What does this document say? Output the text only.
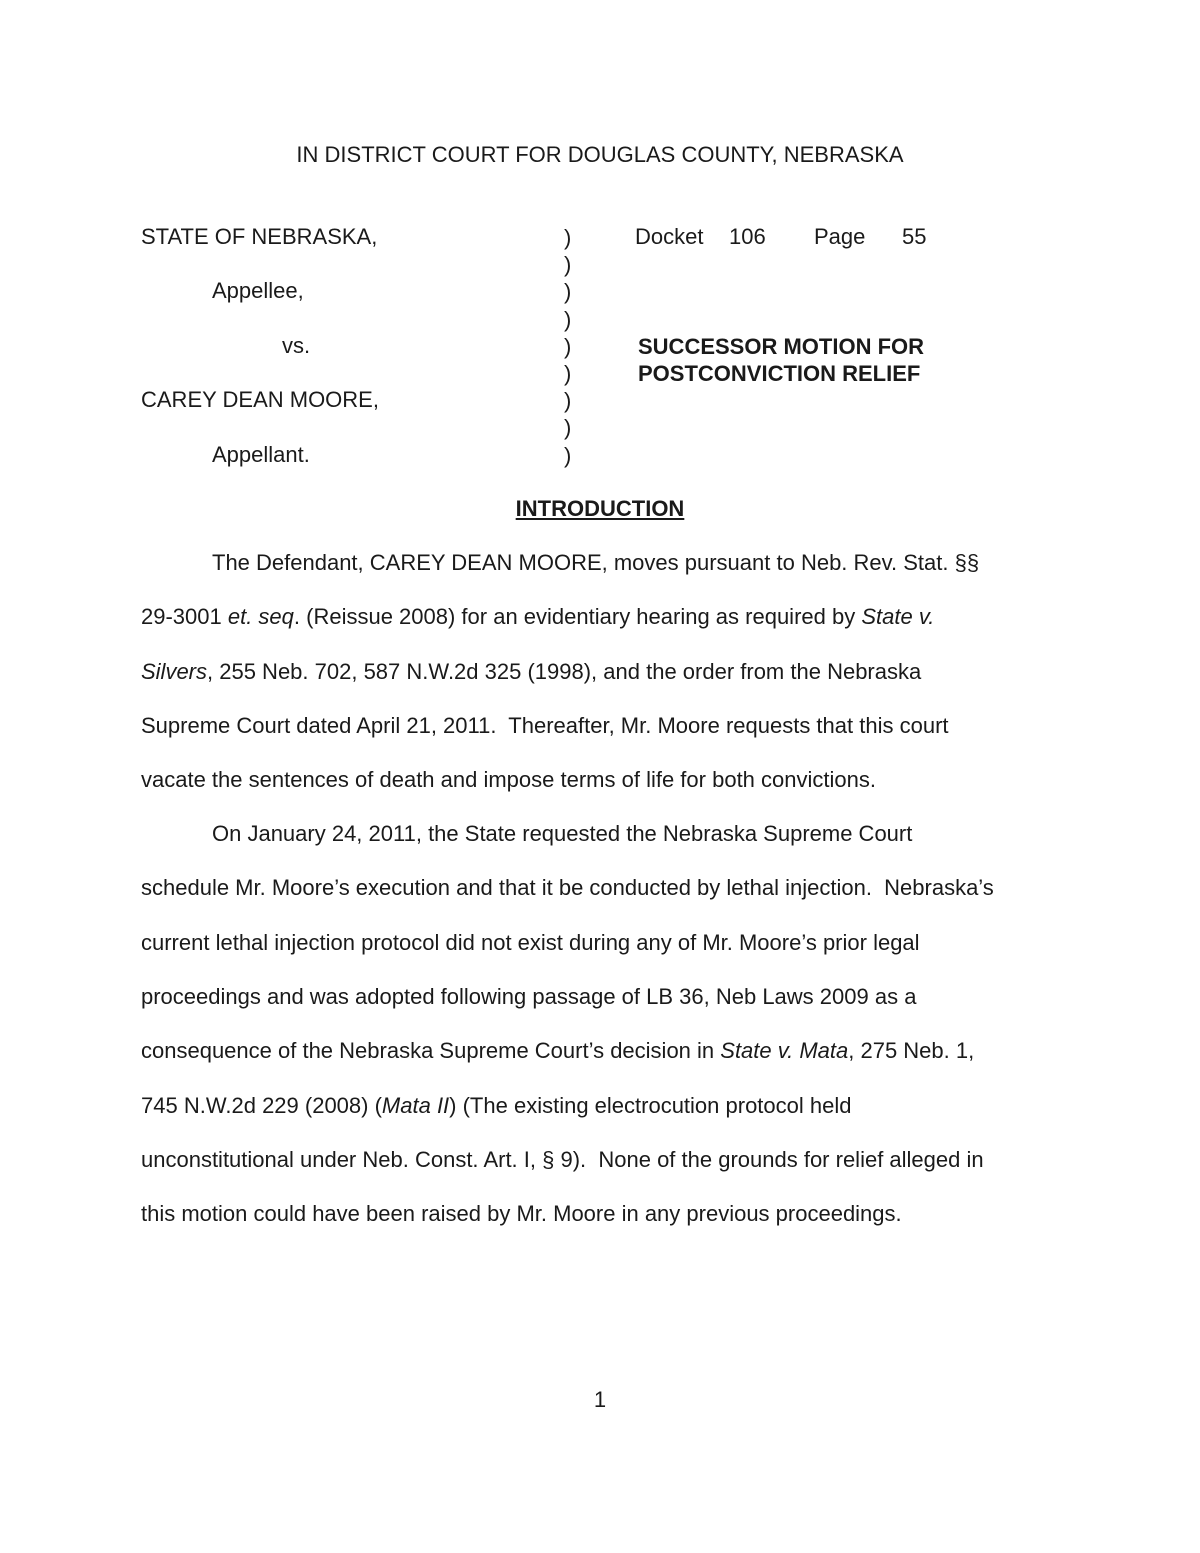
IN DISTRICT COURT FOR DOUGLAS COUNTY, NEBRASKA
STATE OF NEBRASKA,
Appellee,
vs.
CAREY DEAN MOORE,
Appellant.
)
)
)
)
)
)
)
)
)
Docket 106 Page 55
SUCCESSOR MOTION FOR
POSTCONVICTION RELIEF
INTRODUCTION
The Defendant, CAREY DEAN MOORE, moves pursuant to Neb. Rev. Stat. §§
29-3001 et. seq. (Reissue 2008) for an evidentiary hearing as required by State v.
Silvers, 255 Neb. 702, 587 N.W.2d 325 (1998), and the order from the Nebraska
Supreme Court dated April 21, 2011.  Thereafter, Mr. Moore requests that this court
vacate the sentences of death and impose terms of life for both convictions.
On January 24, 2011, the State requested the Nebraska Supreme Court
schedule Mr. Moore’s execution and that it be conducted by lethal injection.  Nebraska’s
current lethal injection protocol did not exist during any of Mr. Moore’s prior legal
proceedings and was adopted following passage of LB 36, Neb Laws 2009 as a
consequence of the Nebraska Supreme Court’s decision in State v. Mata, 275 Neb. 1,
745 N.W.2d 229 (2008) (Mata II) (The existing electrocution protocol held
unconstitutional under Neb. Const. Art. I, § 9).  None of the grounds for relief alleged in
this motion could have been raised by Mr. Moore in any previous proceedings.
1
